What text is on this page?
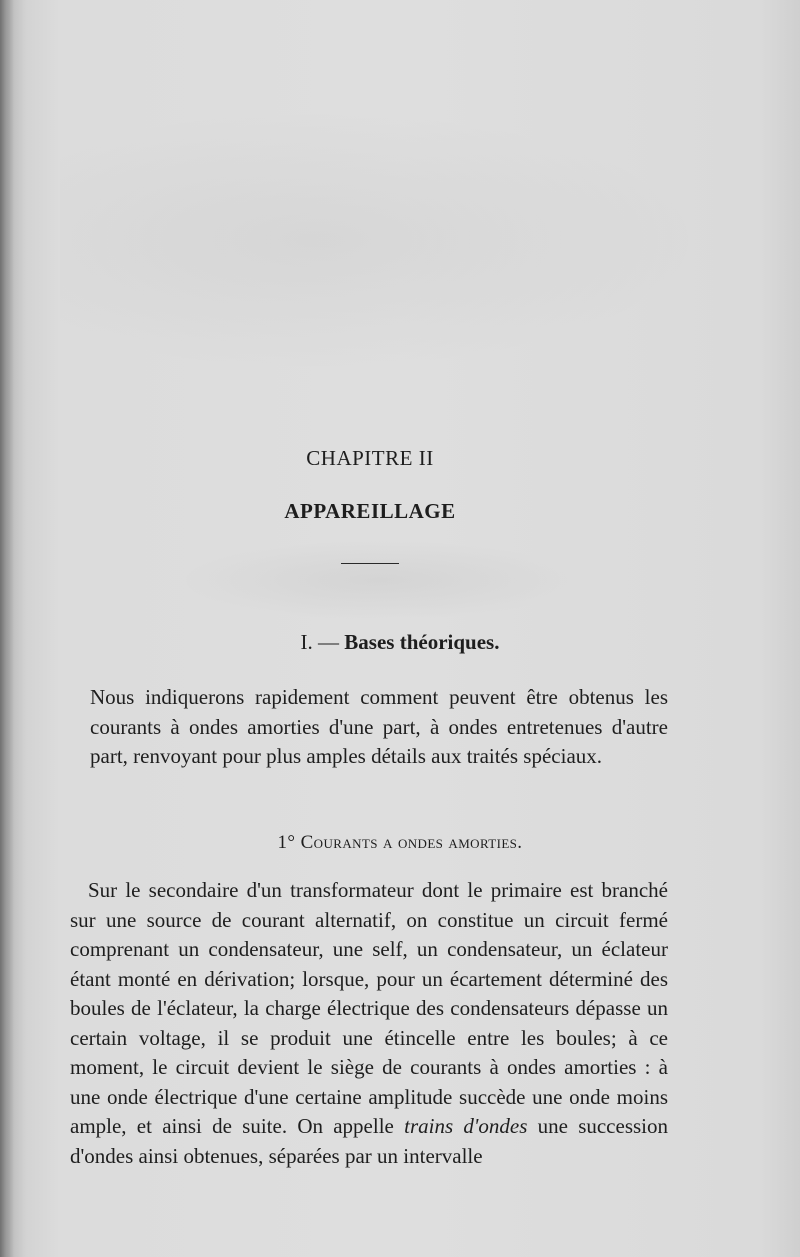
CHAPITRE II
APPAREILLAGE
I. — Bases théoriques.

Nous indiquerons rapidement comment peuvent être obtenus les courants à ondes amorties d'une part, à ondes entretenues d'autre part, renvoyant pour plus amples détails aux traités spéciaux.

1° Courants a ondes amorties.

Sur le secondaire d'un transformateur dont le primaire est branché sur une source de courant alternatif, on constitue un circuit fermé comprenant un condensateur, une self, un condensateur, un éclateur étant monté en dérivation; lorsque, pour un écartement déterminé des boules de l'éclateur, la charge électrique des condensateurs dépasse un certain voltage, il se produit une étincelle entre les boules; à ce moment, le circuit devient le siège de courants à ondes amorties : à une onde électrique d'une certaine amplitude succède une onde moins ample, et ainsi de suite. On appelle trains d'ondes une succession d'ondes ainsi obtenues, séparées par un intervalle
